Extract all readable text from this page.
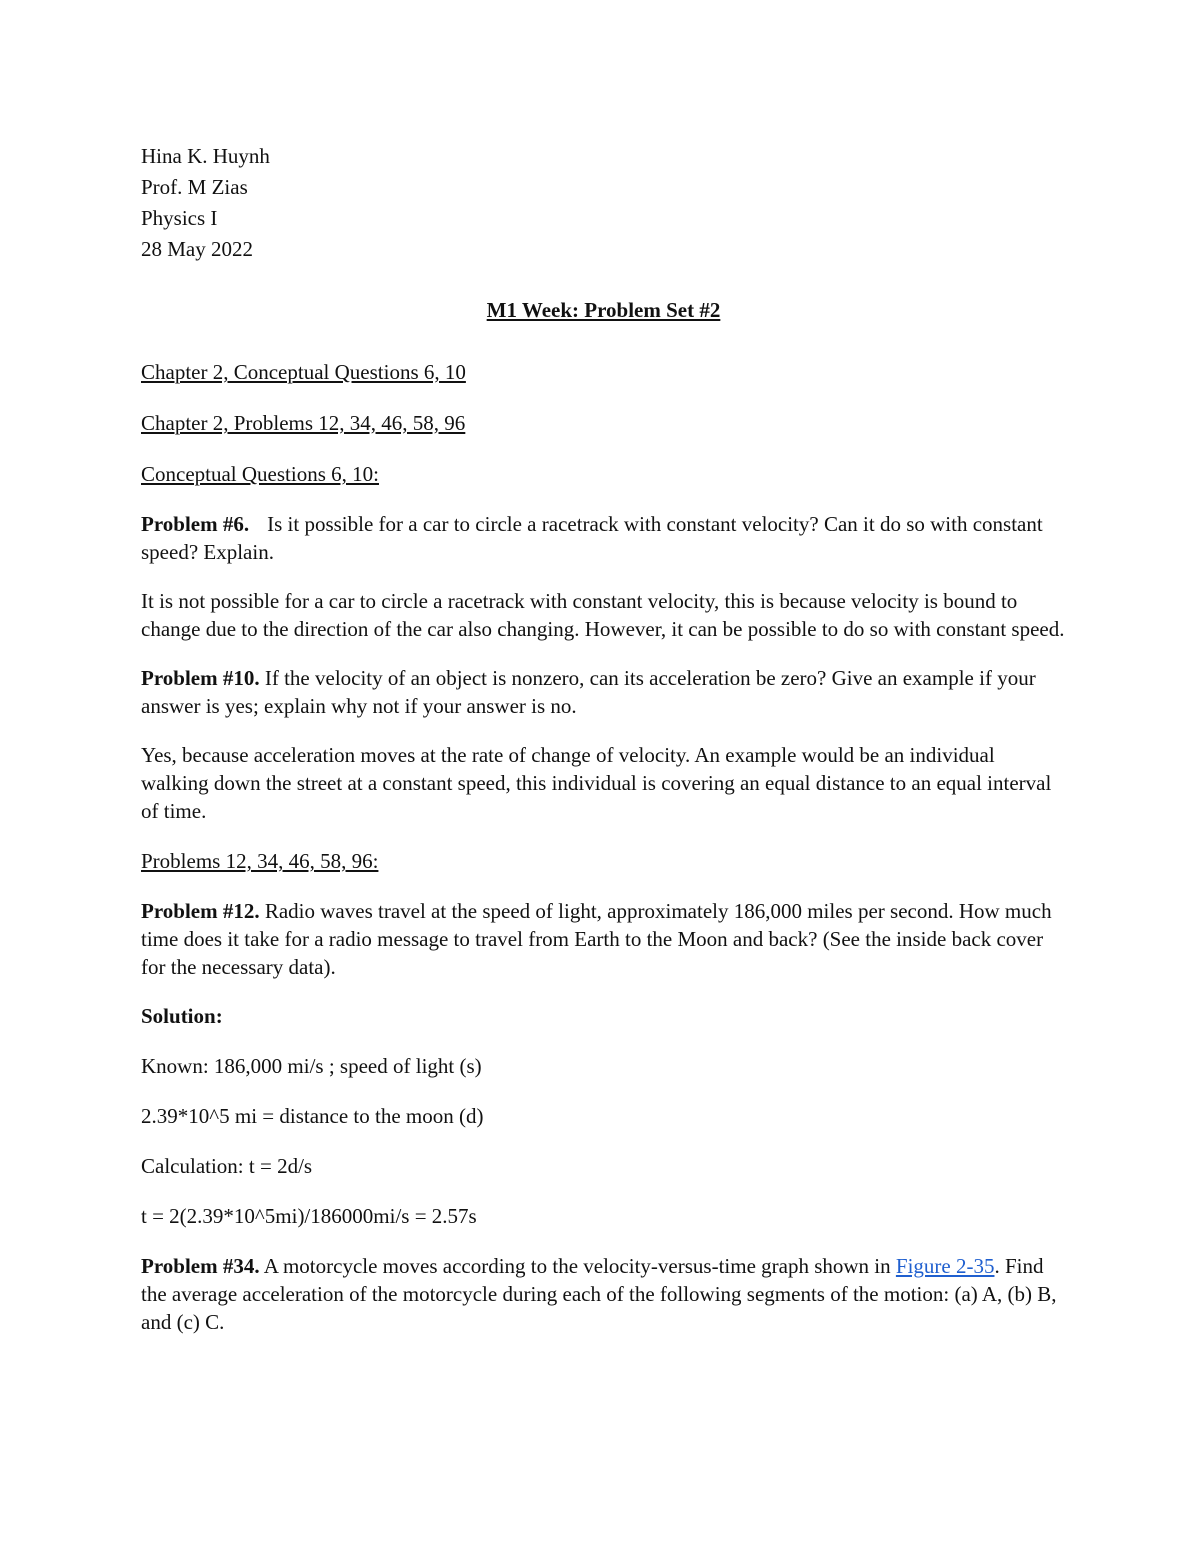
Hina K. Huynh

Prof. M Zias

Physics I

28 May 2022

M1 Week: Problem Set #2

Chapter 2, Conceptual Questions 6, 10

Chapter 2, Problems 12, 34, 46, 58, 96

Conceptual Questions 6, 10:

Problem #6. Is it possible for a car to circle a racetrack with constant velocity? Can it do so with constant speed? Explain.

It is not possible for a car to circle a racetrack with constant velocity, this is because velocity is bound to change due to the direction of the car also changing. However, it can be possible to do so with constant speed.

Problem #10. If the velocity of an object is nonzero, can its acceleration be zero? Give an example if your answer is yes; explain why not if your answer is no.

Yes, because acceleration moves at the rate of change of velocity. An example would be an individual walking down the street at a constant speed, this individual is covering an equal distance to an equal interval of time.

Problems 12, 34, 46, 58, 96:

Problem #12. Radio waves travel at the speed of light, approximately 186,000 miles per second. How much time does it take for a radio message to travel from Earth to the Moon and back? (See the inside back cover for the necessary data).

Solution:

Known: 186,000 mi/s ; speed of light (s)

2.39*10^5 mi = distance to the moon (d)

Calculation: t = 2d/s

t = 2(2.39*10^5mi)/186000mi/s = 2.57s

Problem #34. A motorcycle moves according to the velocity-versus-time graph shown in Figure 2-35. Find the average acceleration of the motorcycle during each of the following segments of the motion: (a) A, (b) B, and (c) C.
